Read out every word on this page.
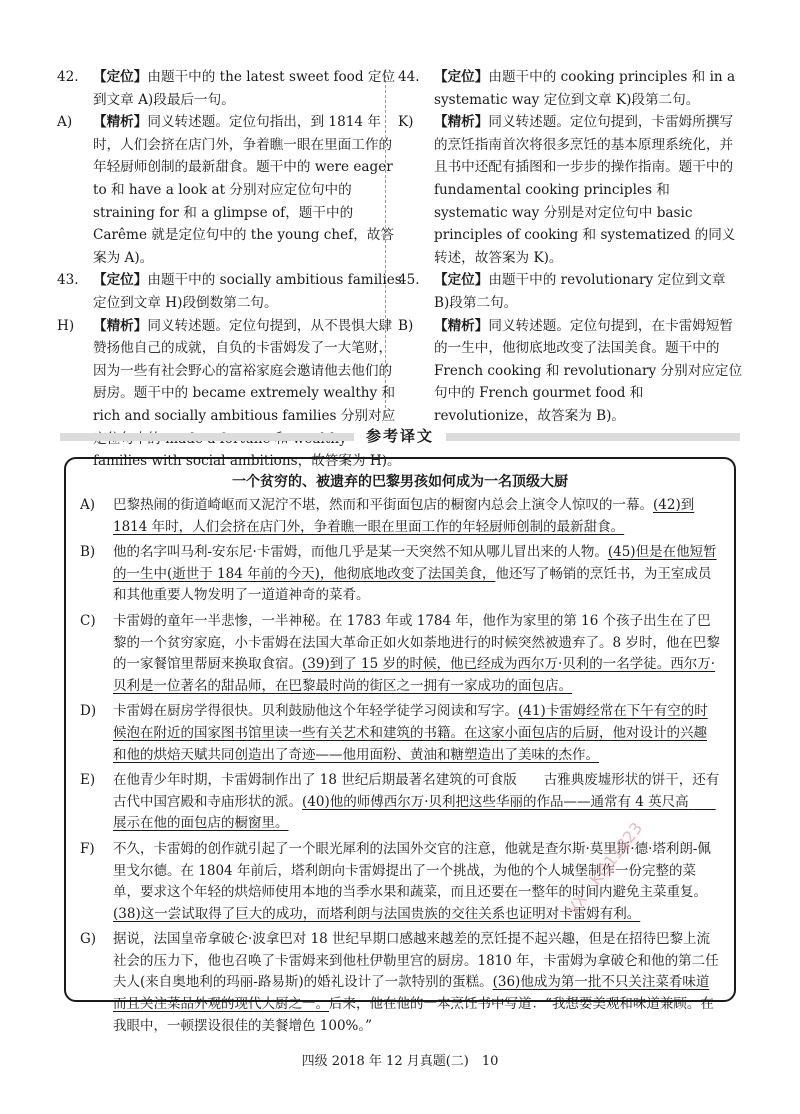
42. 【定位】由题干中的 the latest sweet food 定位到文章 A)段最后一句。

A) 【精析】同义转述题。定位句指出，到 1814 年时，人们会挤在店门外，争着瞧一眼在里面工作的年轻厨师创制的最新甜食。题干中的 were eager to 和 have a look at 分别对应定位句中的 straining for 和 a glimpse of，题干中的 Carême 就是定位句中的 the young chef，故答案为 A)。

43. 【定位】由题干中的 socially ambitious families 定位到文章 H)段倒数第二句。

H) 【精析】同义转述题。定位句提到，从不畏惧大肆赞扬他自己的成就，自负的卡雷姆发了一大笔财，因为一些有社会野心的富裕家庭会邀请他去他们的厨房。题干中的 became extremely wealthy 和 rich and socially ambitious families 分别对应 families with social ambitions，故答案为 H)。

44. 【定位】由题干中的 cooking principles 和 in a systematic way 定位到文章 K)段第二句。

K) 【精析】同义转述题。定位句提到，卡雷姆所撰写的烹饪指南首次将很多烹饪的基本原理系统化，并且书中还配有插图和一步步的操作指南。题干中的 fundamental cooking principles 和 systematic way 分别是对定位句中 basic principles of cooking 和 systematized 的同义转述，故答案为 K)。

45. 【定位】由题干中的 revolutionary 定位到文章 B)段第二句。

B) 【精析】同义转述题。定位句提到，在卡雷姆短暂的一生中，他彻底地改变了法国美食。题干中的 French cooking 和 revolutionary 分别对应定位句中的 French gourmet food 和 revolutionize，故答案为 B)。

参考译文
一个贫穷的、被遗弃的巴黎男孩如何成为一名顶级大厨

A) 巴黎热闹的街道崎岖而又泥泞不堪，然而和平街面包店的橱窗内总会上演令人惊叹的一幕。(42)到 1814 年时，人们会挤在店门外，争着瞧一眼在里面工作的年轻厨师创制的最新甜食。

B) 他的名字叫马利-安东尼·卡雷姆，而他几乎是某一天突然不知从哪儿冒出来的人物。(45)但是在他短暂的一生中(逝世于 184 年前的今天)，他彻底地改变了法国美食，他还写了畅销的烹饪书，为王室成员和其他重要人物发明了一道道神奇的菜肴。

C) 卡雷姆的童年一半悲惨，一半神秘。在 1783 年或 1784 年，他作为家里的第 16 个孩子出生在了巴黎的一个贫穷家庭，小卡雷姆在法国大革命正如火如荼地进行的时候突然被遗弃了。8 岁时，他在巴黎的一家餐馆里帮厨来换取食宿。(39)到了 15 岁的时候，他已经成为西尔万·贝利的一名学徒。西尔万·贝利是一位著名的甜品师，在巴黎最时尚的街区之一拥有一家成功的面包店。

D) 卡雷姆在厨房学得很快。贝利鼓励他这个年轻学徒学习阅读和写字。(41)卡雷姆经常在下午有空的时候泡在附近的国家图书馆里读一些有关艺术和建筑的书籍。在这家小面包店的后厨，他对设计的兴趣和他的烘焙天赋共同创造出了奇迹——他用面粉、黄油和糖塑造出了美味的杰作。

E) 在他青少年时期，卡雷姆制作出了 18 世纪后期最著名建筑的可食版　　古雅典废墟形状的饼干，还有古代中国宫殿和寺庙形状的派。(40)他的师傅西尔万·贝利把这些华丽的作品——通常有 4 英尺高　　展示在他的面包店的橱窗里。

F) 不久，卡雷姆的创作就引起了一个眼光犀利的法国外交官的注意，他就是查尔斯·莫里斯·德·塔利朗-佩里戈尔德。在 1804 年前后，塔利朗向卡雷姆提出了一个挑战，为他的个人城堡制作一份完整的菜单，要求这个年轻的烘焙师使用本地的当季水果和蔬菜，而且还要在一整年的时间内避免主菜重复。(38)这一尝试取得了巨大的成功，而塔利朗与法国贵族的交往关系也证明对卡雷姆有利。

G) 据说，法国皇帝拿破仑·波拿巴对 18 世纪早期口感越来越差的烹饪提不起兴趣，但是在招待巴黎上流社会的压力下，他也召唤了卡雷姆来到他杜伊勒里宫的厨房。1810 年，卡雷姆为拿破仑和他的第二任夫人(来自奥地利的玛丽-路易斯)的婚礼设计了一款特别的蛋糕。(36)他成为第一批不只关注菜肴味道而且关注菜品外观的现代大厨之一。后来，他在他的一本烹饪书中写道：“我想要美观和味道兼顾。在我眼中，一顿摆设很佳的美餐增色 100%。”

VX：KQ11823
四级 2018 年 12 月真题(二)　10
